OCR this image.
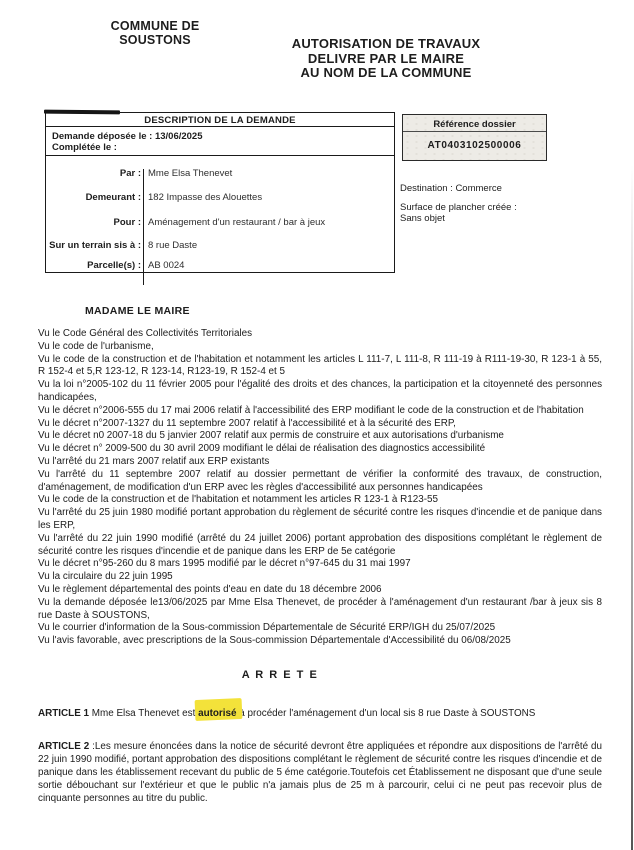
COMMUNE DE
SOUSTONS	AUTORISATION DE TRAVAUX
DELIVRE PAR LE MAIRE
AU NOM DE LA COMMUNE
DESCRIPTION DE LA DEMANDE
Demande déposée le : 13/06/2025
Complétée le :
Par : Mme Elsa Thenevet
Demeurant : 182 Impasse des Alouettes
Pour : Aménagement d'un restaurant / bar à jeux
Sur un terrain sis à : 8 rue Daste
Parcelle(s) : AB 0024
Référence dossier
AT0403102500006
Destination : Commerce
Surface de plancher créée :
Sans objet
MADAME LE MAIRE
Vu le Code Général des Collectivités Territoriales
Vu le code de l'urbanisme,
Vu le code de la construction et de l'habitation et notamment les articles L 111-7, L 111-8, R 111-19 à R111-19-30, R 123-1 à 55, R 152-4 et 5,R 123-12, R 123-14, R123-19, R 152-4 et 5
Vu la loi n°2005-102 du 11 février 2005 pour l'égalité des droits et des chances, la participation et la citoyenneté des personnes handicapées,
Vu le décret n°2006-555 du 17 mai 2006 relatif à l'accessibilité des ERP modifiant le code de la construction et de l'habitation
Vu le décret n°2007-1327 du 11 septembre 2007 relatif à l'accessibilité et à la sécurité des ERP,
Vu le décret n0 2007-18 du 5 janvier 2007 relatif aux permis de construire et aux autorisations d'urbanisme
Vu le décret n° 2009-500 du 30 avril 2009 modifiant le délai de réalisation des diagnostics accessibilité
Vu l'arrêté du 21 mars 2007 relatif aux ERP existants
Vu l'arrêté du 11 septembre 2007 relatif au dossier permettant de vérifier la conformité des travaux, de construction, d'aménagement, de modification d'un ERP avec les règles d'accessibilité aux personnes handicapées
Vu le code de la construction et de l'habitation et notamment les articles R 123-1 à R123-55
Vu l'arrêté du 25 juin 1980 modifié portant approbation du règlement de sécurité contre les risques d'incendie et de panique dans les ERP,
Vu l'arrêté du 22 juin 1990 modifié (arrêté du 24 juillet 2006) portant approbation des dispositions complétant le règlement de sécurité contre les risques d'incendie et de panique dans les ERP de 5e catégorie
Vu le décret n°95-260 du 8 mars 1995 modifié par le décret n°97-645 du 31 mai 1997
Vu la circulaire du 22 juin 1995
Vu le règlement départemental des points d'eau en date du 18 décembre 2006
Vu la demande déposée le13/06/2025 par Mme Elsa Thenevet, de procéder à l'aménagement d'un restaurant /bar à jeux sis 8 rue Daste à SOUSTONS,
Vu le courrier d'information de la Sous-commission Départementale de Sécurité ERP/IGH du 25/07/2025
Vu l'avis favorable, avec prescriptions de la Sous-commission Départementale d'Accessibilité du 06/08/2025
A R R E T E
ARTICLE 1 Mme Elsa Thenevet est autorisé à procéder l'aménagement d'un local sis 8 rue Daste à SOUSTONS
ARTICLE 2 :Les mesure énoncées dans la notice de sécurité devront être appliquées et répondre aux dispositions de l'arrêté du 22 juin 1990 modifié, portant approbation des dispositions complétant le règlement de sécurité contre les risques d'incendie et de panique dans les établissement recevant du public de 5 éme catégorie.Toutefois cet Établissement ne disposant que d'une seule sortie débouchant sur l'extérieur et que le public n'a jamais plus de 25 m à parcourir, celui ci ne peut pas recevoir plus de cinquante personnes au titre du public.
